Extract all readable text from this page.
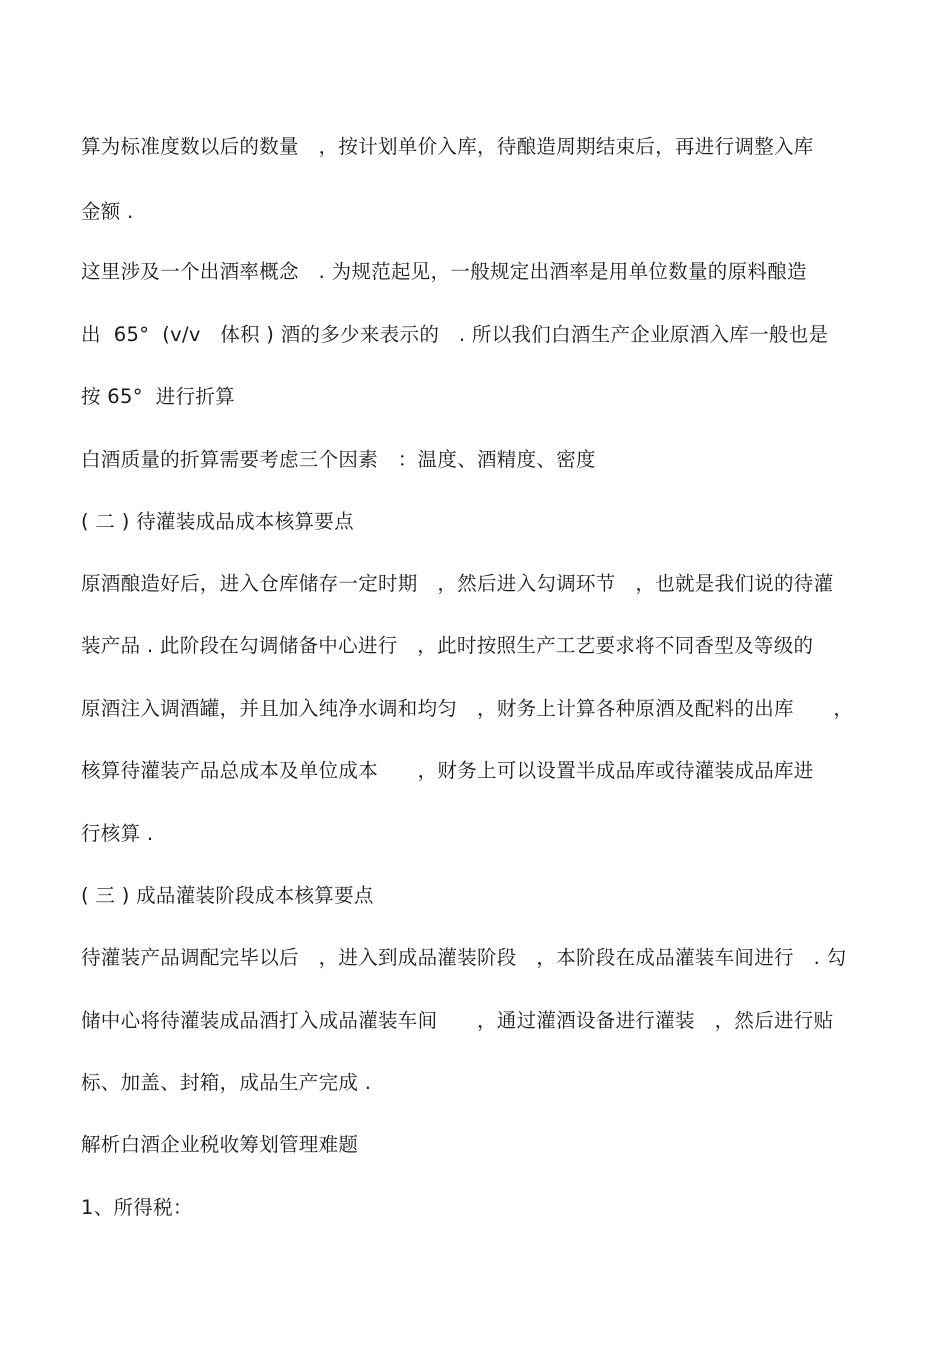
算为标准度数以后的数量　，按计划单价入库，待酿造周期结束后，再进行调整入库
金额 .
这里涉及一个出酒率概念　. 为规范起见，一般规定出酒率是用单位数量的原料酿造
出  65°  (v/v   体积 ) 酒的多少来表示的　. 所以我们白酒生产企业原酒入库一般也是
按 65°  进行折算
白酒质量的折算需要考虑三个因素　：温度、酒精度、密度
( 二 ) 待灌装成品成本核算要点
原酒酿造好后，进入仓库储存一定时期　，然后进入勾调环节　，也就是我们说的待灌
装产品 . 此阶段在勾调储备中心进行　，此时按照生产工艺要求将不同香型及等级的
原酒注入调酒罐，并且加入纯净水调和均匀　，财务上计算各种原酒及配料的出库　　，
核算待灌装产品总成本及单位成本　　，财务上可以设置半成品库或待灌装成品库进
行核算 .
( 三 ) 成品灌装阶段成本核算要点
待灌装产品调配完毕以后　，进入到成品灌装阶段　，本阶段在成品灌装车间进行　. 勾
储中心将待灌装成品酒打入成品灌装车间　　，通过灌酒设备进行灌装　，然后进行贴
标、加盖、封箱，成品生产完成 .
解析白酒企业税收筹划管理难题
1、所得税：
